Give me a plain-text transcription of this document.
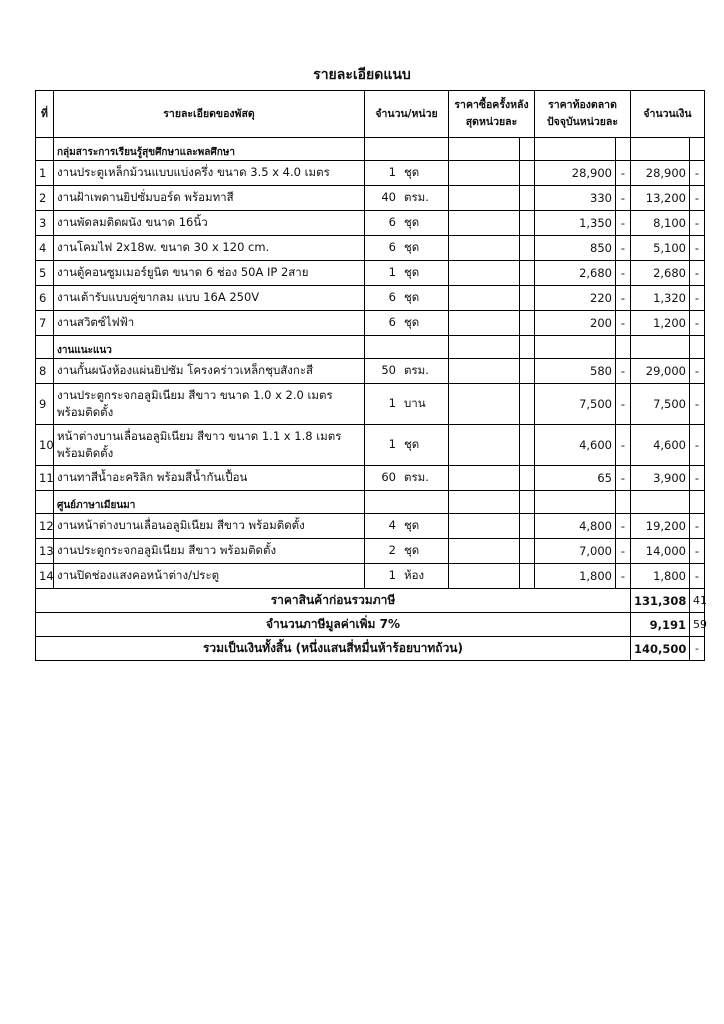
รายละเอียดแนบ
ที่	รายละเอียดของพัสดุ	จำนวน/หน่วย	ราคาซื้อครั้งหลังสุดหน่วยละ		ราคาท้องตลาดปัจจุบันหน่วยละ		จำนวนเงิน	
	กลุ่มสาระการเรียนรู้สุขศึกษาและพลศึกษา							
1	งานประตูเหล็กม้วนแบบแบ่งครึ่ง ขนาด 3.5 x 4.0 เมตร	1 ชุด			28,900	-	28,900	-
2	งานฝ้าเพดานยิปซั่มบอร์ด พร้อมทาสี	40 ตรม.			330	-	13,200	-
3	งานพัดลมติดผนัง ขนาด 16นิ้ว	6 ชุด			1,350	-	8,100	-
4	งานโคมไฟ 2x18w. ขนาด 30 x 120 cm.	6 ชุด			850	-	5,100	-
5	งานตู้คอนซูมเมอร์ยูนิต ขนาด 6 ช่อง 50A IP 2สาย	1 ชุด			2,680	-	2,680	-
6	งานเต้ารับแบบคู่ขากลม แบบ 16A 250V	6 ชุด			220	-	1,320	-
7	งานสวิตซ์ไฟฟ้า	6 ชุด			200	-	1,200	-
	งานแนะแนว							
8	งานกั้นผนังห้องแผ่นยิปซัม โครงคร่าวเหล็กชุบสังกะสี	50 ตรม.			580	-	29,000	-
9	งานประตูกระจกอลูมิเนียม สีขาว ขนาด 1.0 x 2.0 เมตร พร้อมติดตั้ง	1 บาน			7,500	-	7,500	-
10	หน้าต่างบานเลื่อนอลูมิเนียม สีขาว ขนาด 1.1 x 1.8 เมตร พร้อมติดตั้ง	1 ชุด			4,600	-	4,600	-
11	งานทาสีน้ำอะคริลิก พร้อมสีน้ำกันเปื้อน	60 ตรม.			65	-	3,900	-
	ศูนย์ภาษาเมียนมา							
12	งานหน้าต่างบานเลื่อนอลูมิเนียม สีขาว พร้อมติดตั้ง	4 ชุด			4,800	-	19,200	-
13	งานประตูกระจกอลูมิเนียม สีขาว พร้อมติดตั้ง	2 ชุด			7,000	-	14,000	-
14	งานปิดช่องแสงคอหน้าต่าง/ประตู	1 ห้อง			1,800	-	1,800	-
ราคาสินค้าก่อนรวมภาษี							131,308	41
จำนวนภาษีมูลค่าเพิ่ม 7%							9,191	59
รวมเป็นเงินทั้งสิ้น (หนึ่งแสนสี่หมื่นห้าร้อยบาทถ้วน)							140,500	-
